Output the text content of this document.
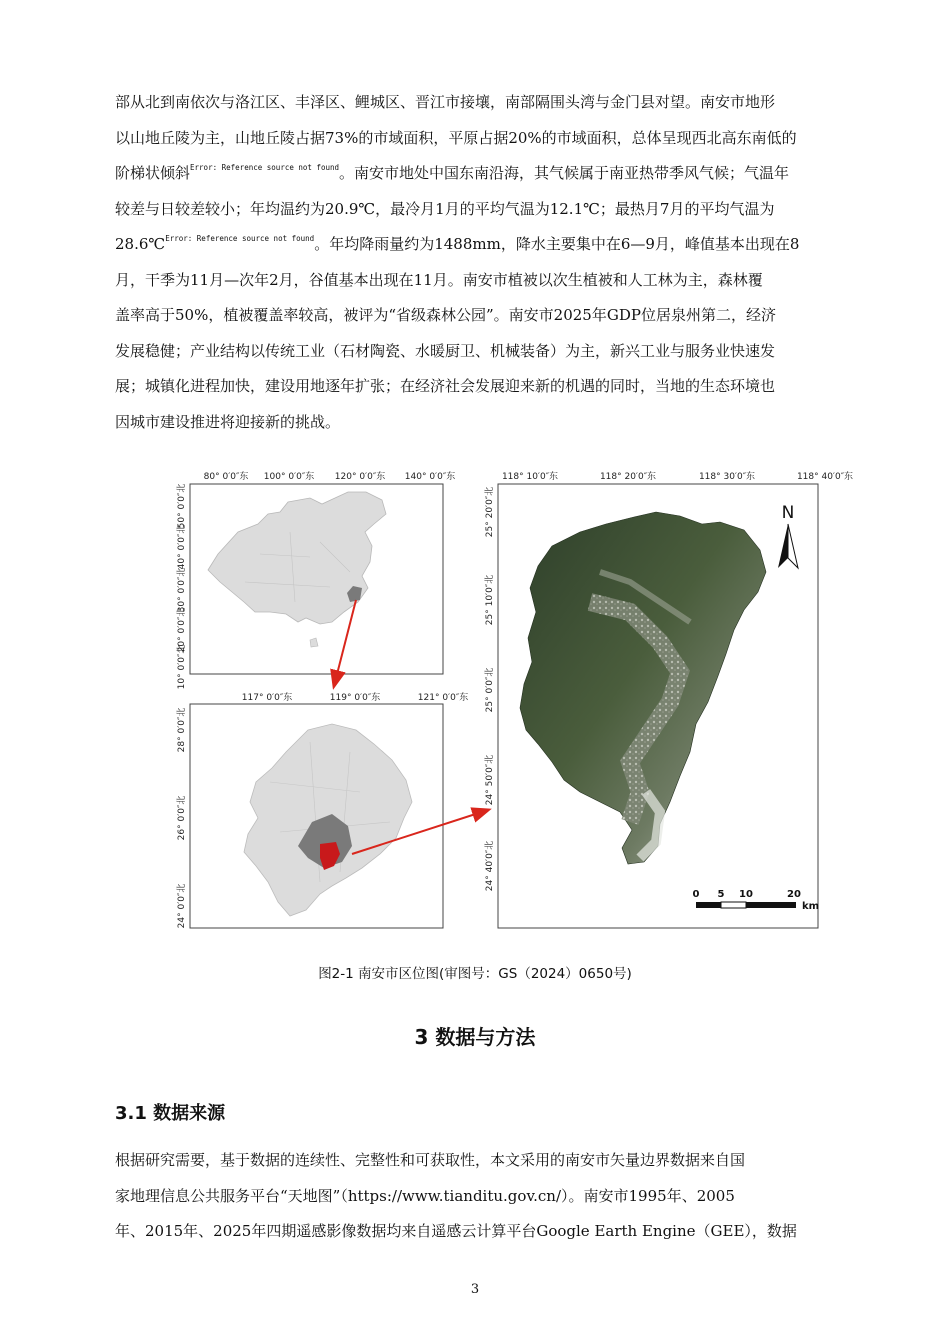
部从北到南依次与洛江区、丰泽区、鲤城区、晋江市接壤，南部隔围头湾与金门县对望。南安市地形
以山地丘陵为主，山地丘陵占据73%的市域面积，平原占据20%的市域面积，总体呈现西北高东南低的
阶梯状倾斜$^{Error: Reference source not found}$。南安市地处中国东南沿海，其气候属于南亚热带季风气候；气温年
较差与日较差较小；年均温约为20.9℃，最冷月1月的平均气温为12.1℃；最热月7月的平均气温为
28.6℃$^{Error: Reference source not found}$。年均降雨量约为1488mm，降水主要集中在6—9月，峰值基本出现在8
月，干季为11月—次年2月，谷值基本出现在11月。南安市植被以次生植被和人工林为主，森林覆
盖率高于50%，植被覆盖率较高，被评为“省级森林公园”。南安市2025年GDP位居泉州第二，经济
发展稳健；产业结构以传统工业（石材陶瓷、水暖厨卫、机械装备）为主，新兴工业与服务业快速发
展；城镇化进程加快，建设用地逐年扩张；在经济社会发展迎来新的机遇的同时，当地的生态环境也
因城市建设推进将迎接新的挑战。
80° 0′0″东 100° 0′0″东 120° 0′0″东 140° 0′0″东
50° 0′0″北
40° 0′0″北
30° 0′0″北
20° 0′0″北
10° 0′0″北
117° 0′0″东	119° 0′0″东	121° 0′0″东
28° 0′0″北
26° 0′0″北
24° 0′0″北
118° 10′0″东	118° 20′0″东	118° 30′0″东	118° 40′0″东
25° 20′0″北
25° 10′0″北
25° 0′0″北
24° 50′0″北
24° 40′0″北
N
0 5 10	20
km
图2-1 南安市区位图(审图号：GS（2024）0650号)
3 数据与方法
3.1 数据来源
　　根据研究需要，基于数据的连续性、完整性和可获取性，本文采用的南安市矢量边界数据来自国
家地理信息公共服务平台“天地图”（https://www.tianditu.gov.cn/）。南安市1995年、2005
年、2015年、2025年四期遥感影像数据均来自遥感云计算平台Google Earth Engine（GEE），数据
3
